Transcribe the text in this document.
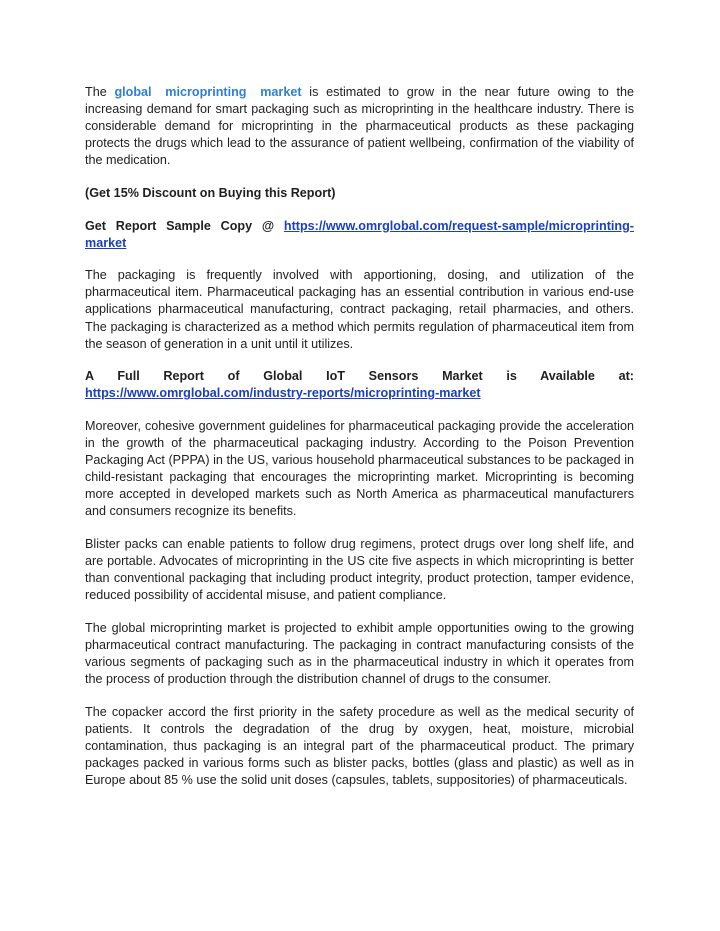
The global microprinting market is estimated to grow in the near future owing to the increasing demand for smart packaging such as microprinting in the healthcare industry. There is considerable demand for microprinting in the pharmaceutical products as these packaging protects the drugs which lead to the assurance of patient wellbeing, confirmation of the viability of the medication.

(Get 15% Discount on Buying this Report)

Get Report Sample Copy @ https://www.omrglobal.com/request-sample/microprinting-market

The packaging is frequently involved with apportioning, dosing, and utilization of the pharmaceutical item. Pharmaceutical packaging has an essential contribution in various end-use applications pharmaceutical manufacturing, contract packaging, retail pharmacies, and others. The packaging is characterized as a method which permits regulation of pharmaceutical item from the season of generation in a unit until it utilizes.

A Full Report of Global IoT Sensors Market is Available at:

https://www.omrglobal.com/industry-reports/microprinting-market

Moreover, cohesive government guidelines for pharmaceutical packaging provide the acceleration in the growth of the pharmaceutical packaging industry. According to the Poison Prevention Packaging Act (PPPA) in the US, various household pharmaceutical substances to be packaged in child-resistant packaging that encourages the microprinting market. Microprinting is becoming more accepted in developed markets such as North America as pharmaceutical manufacturers and consumers recognize its benefits.

Blister packs can enable patients to follow drug regimens, protect drugs over long shelf life, and are portable. Advocates of microprinting in the US cite five aspects in which microprinting is better than conventional packaging that including product integrity, product protection, tamper evidence, reduced possibility of accidental misuse, and patient compliance.

The global microprinting market is projected to exhibit ample opportunities owing to the growing pharmaceutical contract manufacturing. The packaging in contract manufacturing consists of the various segments of packaging such as in the pharmaceutical industry in which it operates from the process of production through the distribution channel of drugs to the consumer.

The copacker accord the first priority in the safety procedure as well as the medical security of patients. It controls the degradation of the drug by oxygen, heat, moisture, microbial contamination, thus packaging is an integral part of the pharmaceutical product. The primary packages packed in various forms such as blister packs, bottles (glass and plastic) as well as in Europe about 85 % use the solid unit doses (capsules, tablets, suppositories) of pharmaceuticals.
